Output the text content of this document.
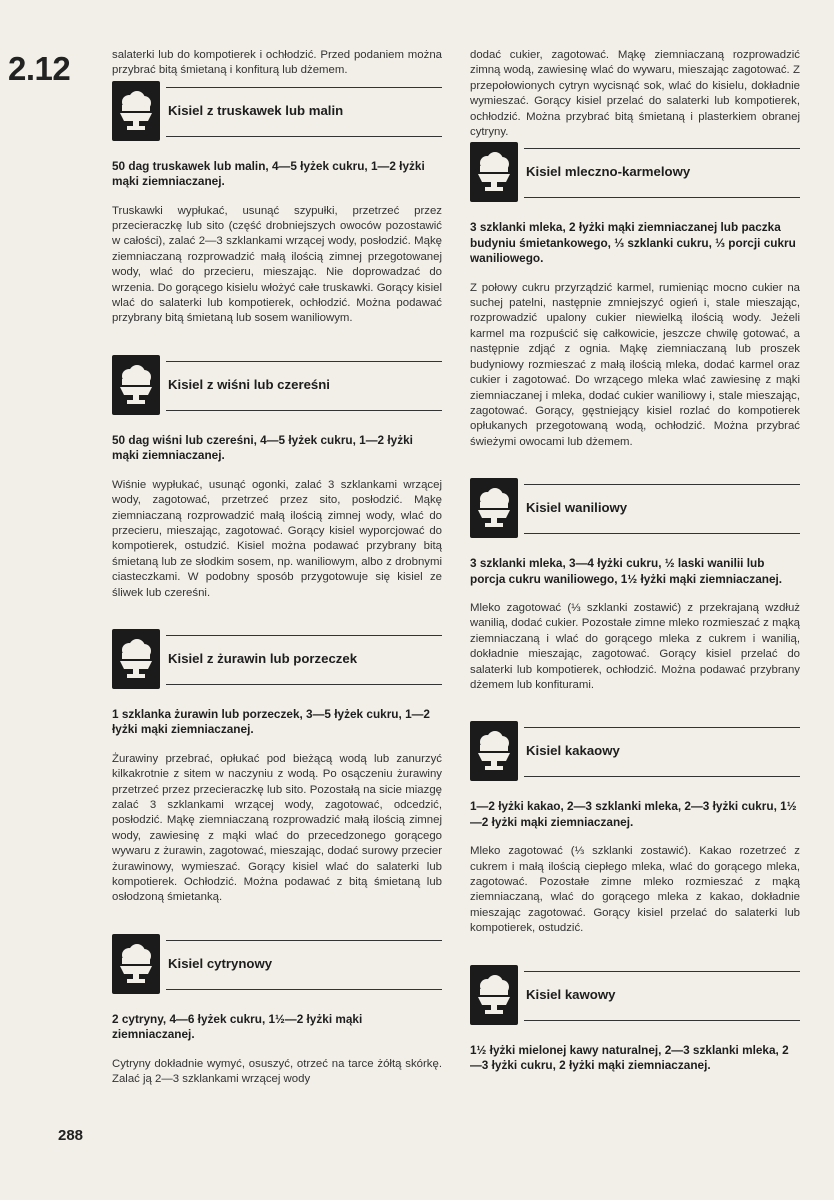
2.12
288

salaterki lub do kompotierek i ochłodzić. Przed podaniem można przybrać bitą śmietaną i konfiturą lub dżemem.

Kisiel z truskawek lub malin

50 dag truskawek lub malin, 4—5 łyżek cukru, 1—2 łyżki mąki ziemniaczanej.

Truskawki wypłukać, usunąć szypułki, przetrzeć przez przecieraczkę lub sito (część drobniejszych owoców pozostawić w całości), zalać 2—3 szklankami wrzącej wody, posłodzić. Mąkę ziemniaczaną rozprowadzić małą ilością zimnej przegotowanej wody, wlać do przecieru, mieszając. Nie doprowadzać do wrzenia. Do gorącego kisielu włożyć całe truskawki. Gorący kisiel wlać do salaterki lub kompotierek, ochłodzić. Można podawać przybrany bitą śmietaną lub sosem waniliowym.

Kisiel z wiśni lub czereśni

50 dag wiśni lub czereśni, 4—5 łyżek cukru, 1—2 łyżki mąki ziemniaczanej.

Wiśnie wypłukać, usunąć ogonki, zalać 3 szklankami wrzącej wody, zagotować, przetrzeć przez sito, posłodzić. Mąkę ziemniaczaną rozprowadzić małą ilością zimnej wody, wlać do przecieru, mieszając, zagotować. Gorący kisiel wyporcjować do kompotierek, ostudzić. Kisiel można podawać przybrany bitą śmietaną lub ze słodkim sosem, np. waniliowym, albo z drobnymi ciasteczkami. W podobny sposób przygotowuje się kisiel ze śliwek lub czereśni.

Kisiel z żurawin lub porzeczek

1 szklanka żurawin lub porzeczek, 3—5 łyżek cukru, 1—2 łyżki mąki ziemniaczanej.

Żurawiny przebrać, opłukać pod bieżącą wodą lub zanurzyć kilkakrotnie z sitem w naczyniu z wodą. Po osączeniu żurawiny przetrzeć przez przecieraczkę lub sito. Pozostałą na sicie miazgę zalać 3 szklankami wrzącej wody, zagotować, odcedzić, posłodzić. Mąkę ziemniaczaną rozprowadzić małą ilością zimnej wody, zawiesinę z mąki wlać do przecedzonego gorącego wywaru z żurawin, zagotować, mieszając, dodać surowy przecier żurawinowy, wymieszać. Gorący kisiel wlać do salaterki lub kompotierek. Ochłodzić. Można podawać z bitą śmietaną lub osłodzoną śmietanką.

Kisiel cytrynowy

2 cytryny, 4—6 łyżek cukru, 1½—2 łyżki mąki ziemniaczanej.

Cytryny dokładnie wymyć, osuszyć, otrzeć na tarce żółtą skórkę. Zalać ją 2—3 szklankami wrzącej wody

dodać cukier, zagotować. Mąkę ziemniaczaną rozprowadzić zimną wodą, zawiesinę wlać do wywaru, mieszając zagotować. Z przepołowionych cytryn wycisnąć sok, wlać do kisielu, dokładnie wymieszać. Gorący kisiel przelać do salaterki lub kompotierek, ochłodzić. Można przybrać bitą śmietaną i plasterkiem obranej cytryny.

Kisiel mleczno-karmelowy

3 szklanki mleka, 2 łyżki mąki ziemniaczanej lub paczka budyniu śmietankowego, ⅓ szklanki cukru, ⅓ porcji cukru waniliowego.

Z połowy cukru przyrządzić karmel, rumieniąc mocno cukier na suchej patelni, następnie zmniejszyć ogień i, stale mieszając, rozprowadzić upalony cukier niewielką ilością wody. Jeżeli karmel ma rozpuścić się całkowicie, jeszcze chwilę gotować, a następnie zdjąć z ognia. Mąkę ziemniaczaną lub proszek budyniowy rozmieszać z małą ilością mleka, dodać karmel oraz cukier i zagotować. Do wrzącego mleka wlać zawiesinę z mąki ziemniaczanej i mleka, dodać cukier waniliowy i, stale mieszając, zagotować. Gorący, gęstniejący kisiel rozlać do kompotierek opłukanych przegotowaną wodą, ochłodzić. Można przybrać świeżymi owocami lub dżemem.

Kisiel waniliowy

3 szklanki mleka, 3—4 łyżki cukru, ½ laski wanilii lub porcja cukru waniliowego, 1½ łyżki mąki ziemniaczanej.

Mleko zagotować (⅓ szklanki zostawić) z przekrajaną wzdłuż wanilią, dodać cukier. Pozostałe zimne mleko rozmieszać z mąką ziemniaczaną i wlać do gorącego mleka z cukrem i wanilią, dokładnie mieszając, zagotować. Gorący kisiel przelać do salaterki lub kompotierek, ochłodzić. Można podawać przybrany dżemem lub konfiturami.

Kisiel kakaowy

1—2 łyżki kakao, 2—3 szklanki mleka, 2—3 łyżki cukru, 1½—2 łyżki mąki ziemniaczanej.

Mleko zagotować (⅓ szklanki zostawić). Kakao rozetrzeć z cukrem i małą ilością ciepłego mleka, wlać do gorącego mleka, zagotować. Pozostałe zimne mleko rozmieszać z mąką ziemniaczaną, wlać do gorącego mleka z kakao, dokładnie mieszając zagotować. Gorący kisiel przelać do salaterki lub kompotierek, ostudzić.

Kisiel kawowy

1½ łyżki mielonej kawy naturalnej, 2—3 szklanki mleka, 2—3 łyżki cukru, 2 łyżki mąki ziemniaczanej.
